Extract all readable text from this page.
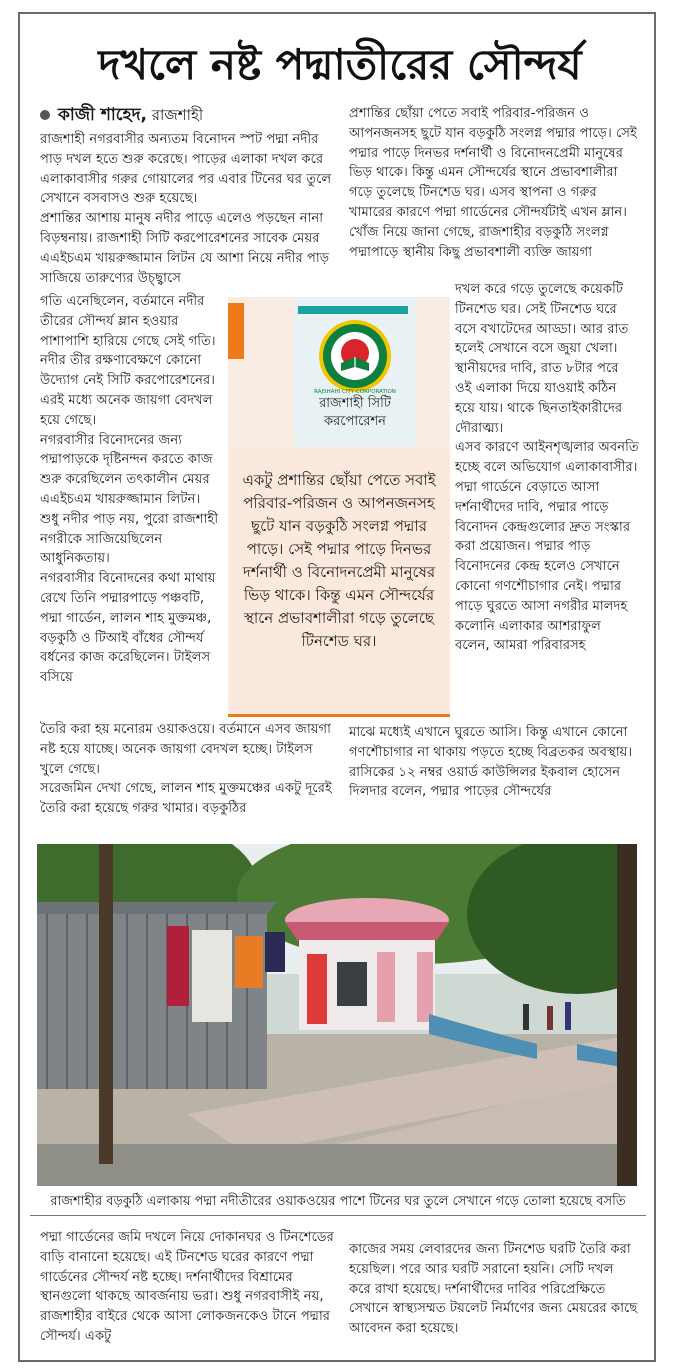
দখলে নষ্ট পদ্মাতীরের সৌন্দর্য
কাজী শাহেদ, রাজশাহী

রাজশাহী নগরবাসীর অন্যতম বিনোদন স্পট পদ্মা নদীর পাড় দখল হতে শুরু করেছে। পাড়ের এলাকা দখল করে এলাকাবাসীর গরুর গোয়ালের পর এবার টিনের ঘর তুলে সেখানে বসবাসও শুরু হয়েছে।

প্রশান্তির আশায় মানুষ নদীর পাড়ে এলেও পড়ছেন নানা বিড়ম্বনায়। রাজশাহী সিটি করপোরেশনের সাবেক মেয়র এএইচএম খায়রুজ্জামান লিটন যে আশা নিয়ে নদীর পাড় সাজিয়ে তারুণ্যের উচ্ছ্বাসে

গতি এনেছিলেন, বর্তমানে নদীর তীরের সৌন্দর্য ম্লান হওয়ার পাশাপাশি হারিয়ে গেছে সেই গতি। নদীর তীর রক্ষণাবেক্ষণে কোনো উদ্যোগ নেই সিটি করপোরেশনের। এরই মধ্যে অনেক জায়গা বেদখল হয়ে গেছে।

নগরবাসীর বিনোদনের জন্য পদ্মাপাড়কে দৃষ্টিনন্দন করতে কাজ শুরু করেছিলেন তৎকালীন মেয়র এএইচএম খায়রুজ্জামান লিটন। শুধু নদীর পাড় নয়, পুরো রাজশাহী নগরীকে সাজিয়েছিলেন আধুনিকতায়।

নগরবাসীর বিনোদনের কথা মাথায় রেখে তিনি পদ্মারপাড়ে পঞ্চবটি, পদ্মা গার্ডেন, লালন শাহ মুক্তমঞ্চ, বড়কুঠি ও টিআই বাঁধের সৌন্দর্য বর্ধনের কাজ করেছিলেন। টাইলস বসিয়ে

তৈরি করা হয় মনোরম ওয়াকওয়ে। বর্তমানে এসব জায়গা নষ্ট হয়ে যাচ্ছে। অনেক জায়গা বেদখল হচ্ছে। টাইলস খুলে গেছে।

সরেজমিন দেখা গেছে, লালন শাহ মুক্তমঞ্চের একটু দূরেই তৈরি করা হয়েছে গরুর খামার। বড়কুঠির

প্রশান্তির ছোঁয়া পেতে সবাই পরিবার-পরিজন ও আপনজনসহ ছুটে যান বড়কুঠি সংলগ্ন পদ্মার পাড়ে। সেই পদ্মার পাড়ে দিনভর দর্শনার্থী ও বিনোদনপ্রেমী মানুষের ভিড় থাকে। কিন্তু এমন সৌন্দর্যের স্থানে প্রভাবশালীরা গড়ে তুলেছে টিনশেড ঘর। এসব স্থাপনা ও গরুর খামারের কারণে পদ্মা গার্ডেনের সৌন্দর্যটাই এখন ম্লান।

খোঁজ নিয়ে জানা গেছে, রাজশাহীর বড়কুঠি সংলগ্ন পদ্মাপাড়ে স্থানীয় কিছু প্রভাবশালী ব্যক্তি জায়গা

দখল করে গড়ে তুলেছে কয়েকটি টিনশেড ঘর। সেই টিনশেড ঘরে বসে বখাটেদের আড্ডা। আর রাত হলেই সেখানে বসে জুয়া খেলা। স্থানীয়দের দাবি, রাত ৮টার পরে ওই এলাকা দিয়ে যাওয়াই কঠিন হয়ে যায়। থাকে ছিনতাইকারীদের দৌরাত্ম্য।

এসব কারণে আইনশৃঙ্খলার অবনতি হচ্ছে বলে অভিযোগ এলাকাবাসীর। পদ্মা গার্ডেনে বেড়াতে আসা দর্শনার্থীদের দাবি, পদ্মার পাড়ে বিনোদন কেন্দ্রগুলোর দ্রুত সংস্কার করা প্রয়োজন। পদ্মার পাড় বিনোদনের কেন্দ্র হলেও সেখানে কোনো গণশৌচাগার নেই। পদ্মার পাড়ে ঘুরতে আসা নগরীর মালদহ কলোনি এলাকার আশরাফুল বলেন, আমরা পরিবারসহ

মাঝে মধ্যেই এখানে ঘুরতে আসি। কিন্তু এখানে কোনো গণশৌচাগার না থাকায় পড়তে হচ্ছে বিব্রতকর অবস্থায়।

রাসিকের ১২ নম্বর ওয়ার্ড কাউন্সিলর ইকবাল হোসেন দিলদার বলেন, পদ্মার পাড়ের সৌন্দর্যের

RAJSHAHI CITY CORPORATION
রাজশাহী সিটি করপোরেশন

একটু প্রশান্তির ছোঁয়া পেতে সবাই পরিবার-পরিজন ও আপনজনসহ ছুটে যান বড়কুঠি সংলগ্ন পদ্মার পাড়ে। সেই পদ্মার পাড়ে দিনভর দর্শনার্থী ও বিনোদনপ্রেমী মানুষের ভিড় থাকে। কিন্তু এমন সৌন্দর্যের স্থানে প্রভাবশালীরা গড়ে তুলেছে টিনশেড ঘর।

রাজশাহীর বড়কুঠি এলাকায় পদ্মা নদীতীরের ওয়াকওয়ের পাশে টিনের ঘর তুলে সেখানে গড়ে তোলা হয়েছে বসতি

পদ্মা গার্ডেনের জমি দখলে নিয়ে দোকানঘর ও টিনশেডের বাড়ি বানানো হয়েছে। এই টিনশেড ঘরের কারণে পদ্মা গার্ডেনের সৌন্দর্য নষ্ট হচ্ছে। দর্শনার্থীদের বিশ্রামের স্থানগুলো থাকছে আবর্জনায় ভরা। শুধু নগরবাসীই নয়, রাজশাহীর বাইরে থেকে আসা লোকজনকেও টানে পদ্মার সৌন্দর্য। একটু

কাজের সময় লেবারদের জন্য টিনশেড ঘরটি তৈরি করা হয়েছিল। পরে আর ঘরটি সরানো হয়নি। সেটি দখল করে রাখা হয়েছে। দর্শনার্থীদের দাবির পরিপ্রেক্ষিতে সেখানে স্বাস্থ্যসম্মত টয়লেট নির্মাণের জন্য মেয়রের কাছে আবেদন করা হয়েছে।
